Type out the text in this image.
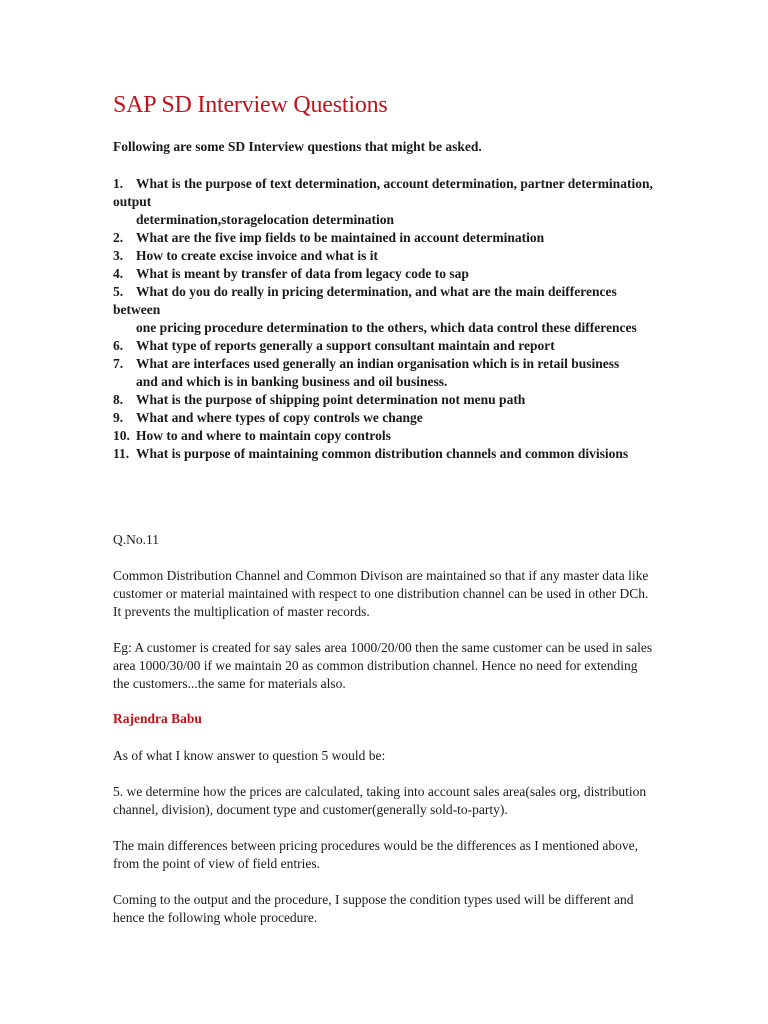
SAP SD Interview Questions

Following are some SD Interview questions that might be asked.

1. What is the purpose of text determination, account determination, partner determination, output
determination,storagelocation determination
2. What are the five imp fields to be maintained in account determination
3. How to create excise invoice and what is it
4. What is meant by transfer of data from legacy code to sap
5. What do you do really in pricing determination, and what are the main deifferences between
one pricing procedure determination to the others, which data control these differences
6. What type of reports generally a support consultant maintain and report
7. What are interfaces used generally an indian organisation which is in retail business
and and which is in banking business and oil business.
8. What is the purpose of shipping point determination not menu path
9. What and where types of copy controls we change
10. How to and where to maintain copy controls
11. What is purpose of maintaining common distribution channels and common divisions

Q.No.11

Common Distribution Channel and Common Divison are maintained so that if any master data like customer or material maintained with respect to one distribution channel can be used in other DCh. It prevents the multiplication of master records.

Eg: A customer is created for say sales area 1000/20/00 then the same customer can be used in sales area 1000/30/00 if we maintain 20 as common distribution channel. Hence no need for extending the customers...the same for materials also.

Rajendra Babu

As of what I know answer to question 5 would be:

5. we determine how the prices are calculated, taking into account sales area(sales org, distribution channel, division), document type and customer(generally sold-to-party).

The main differences between pricing procedures would be the differences as I mentioned above, from the point of view of field entries.

Coming to the output and the procedure, I suppose the condition types used will be different and hence the following whole procedure.
